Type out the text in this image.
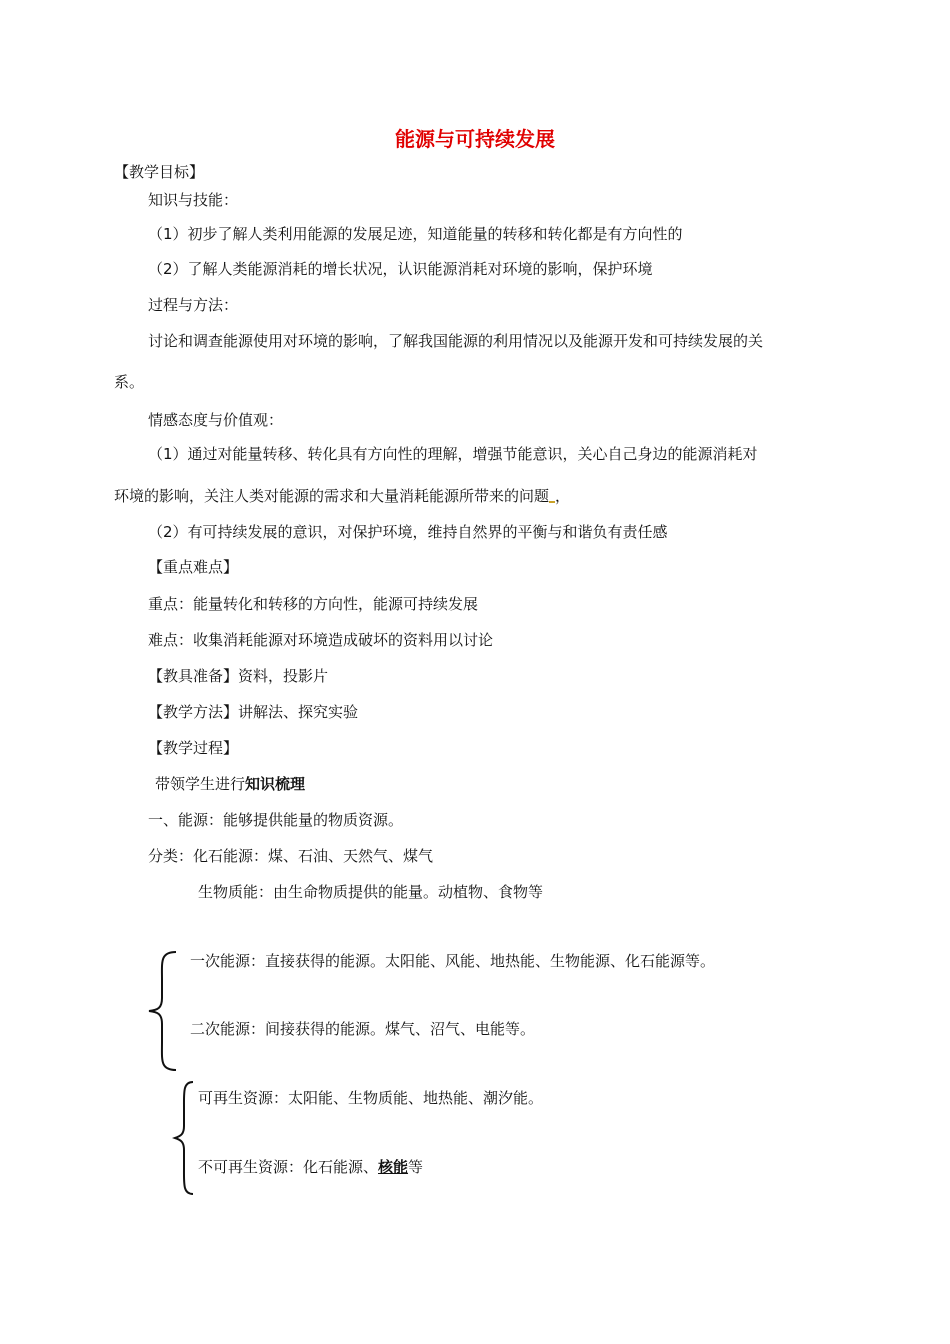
能源与可持续发展
【教学目标】
知识与技能：
（1）初步了解人类利用能源的发展足迹，知道能量的转移和转化都是有方向性的
（2）了解人类能源消耗的增长状况，认识能源消耗对环境的影响，保护环境
过程与方法：
讨论和调查能源使用对环境的影响，了解我国能源的利用情况以及能源开发和可持续发展的关
系。
情感态度与价值观：
（1）通过对能量转移、转化具有方向性的理解，增强节能意识，关心自己身边的能源消耗对
环境的影响，关注人类对能源的需求和大量消耗能源所带来的问题 ，
（2）有可持续发展的意识，对保护环境，维持自然界的平衡与和谐负有责任感
【重点难点】
重点：能量转化和转移的方向性，能源可持续发展
难点：收集消耗能源对环境造成破坏的资料用以讨论
【教具准备】资料，投影片
【教学方法】讲解法、探究实验
【教学过程】
带领学生进行知识梳理
一、能源：能够提供能量的物质资源。
分类：化石能源：煤、石油、天然气、煤气
生物质能：由生命物质提供的能量。动植物、食物等
一次能源：直接获得的能源。太阳能、风能、地热能、生物能源、化石能源等。
二次能源：间接获得的能源。煤气、沼气、电能等。
可再生资源：太阳能、生物质能、地热能、潮汐能。
不可再生资源：化石能源、核能等
